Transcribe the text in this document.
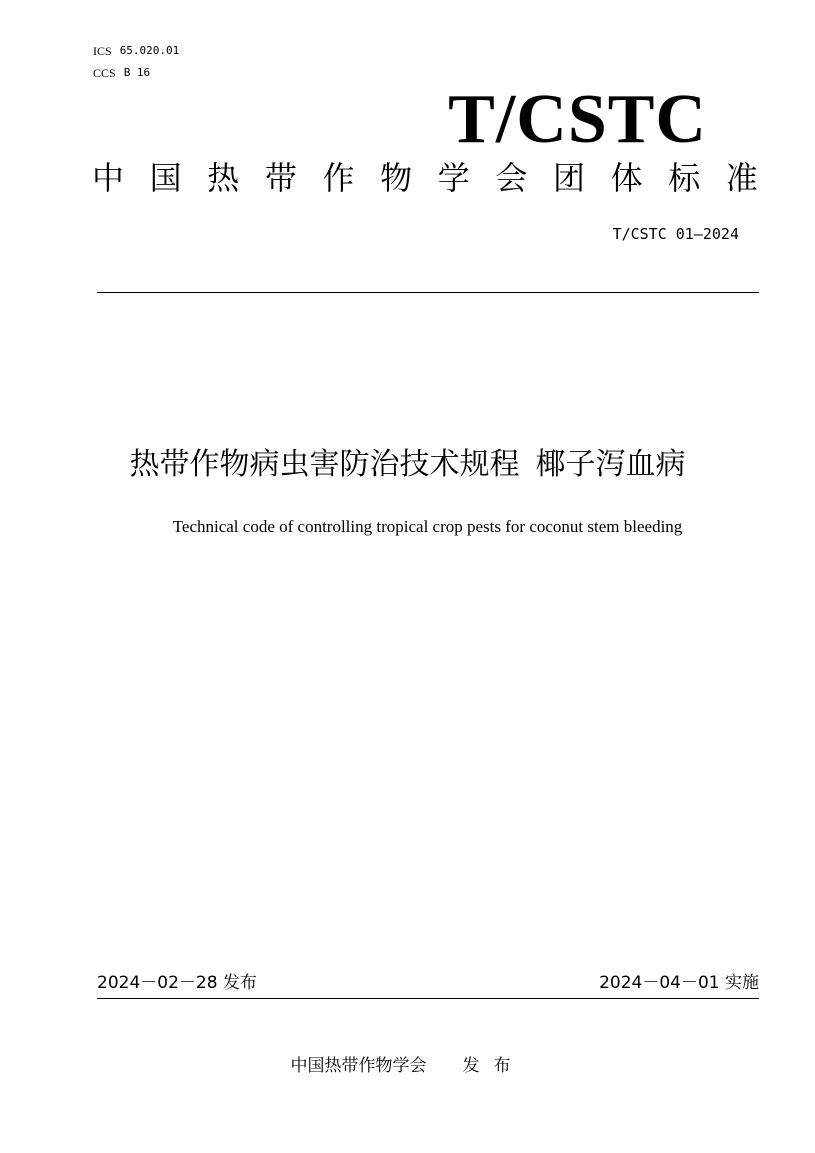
ICS 65.020.01
CCS B 16
T/CSTC
中 国 热 带 作 物 学 会 团 体 标 准
T/CSTC 01—2024
热带作物病虫害防治技术规程 椰子泻血病
Technical code of controlling tropical crop pests for coconut stem bleeding
2024－02－28 发布	2024－04－01 实施
中国热带作物学会 发布
